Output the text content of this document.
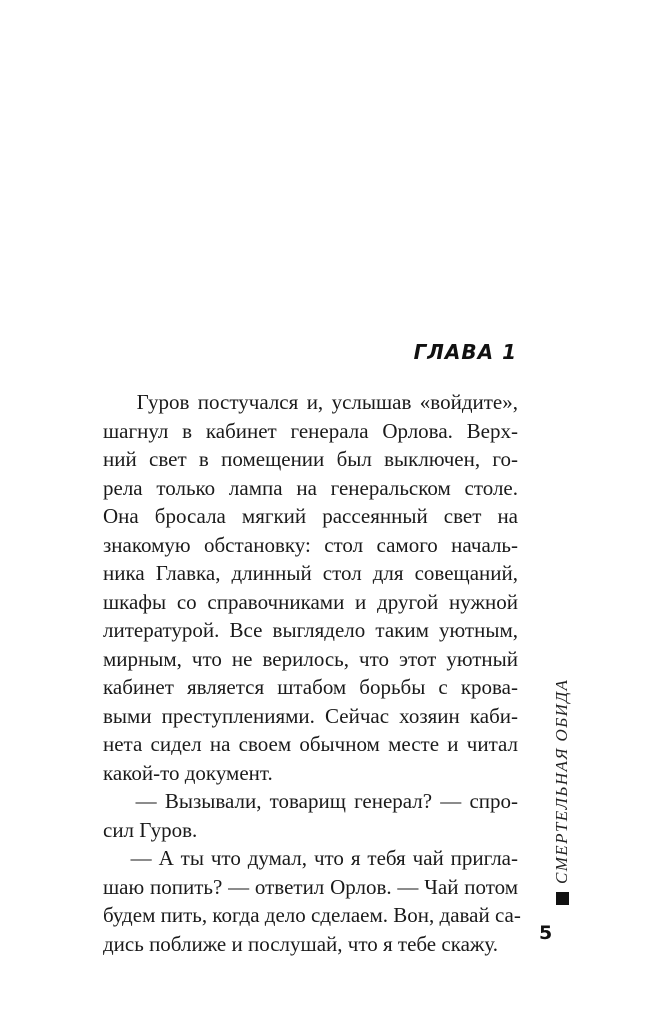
ГЛАВА 1
Гуров постучался и, услышав «войдите»,
шагнул в кабинет генерала Орлова. Верх-
ний свет в помещении был выключен, го-
рела только лампа на генеральском столе.
Она бросала мягкий рассеянный свет на
знакомую обстановку: стол самого началь-
ника Главка, длинный стол для совещаний,
шкафы со справочниками и другой нужной
литературой. Все выглядело таким уютным,
мирным, что не верилось, что этот уютный
кабинет является штабом борьбы с крова-
выми преступлениями. Сейчас хозяин каби-
нета сидел на своем обычном месте и читал
какой-то документ.
— Вызывали, товарищ генерал? — спро-
сил Гуров.
— А ты что думал, что я тебя чай пригла-
шаю попить? — ответил Орлов. — Чай потом
будем пить, когда дело сделаем. Вон, давай са-
дись поближе и послушай, что я тебе скажу.
СМЕРТЕЛЬНАЯ ОБИДА
5
